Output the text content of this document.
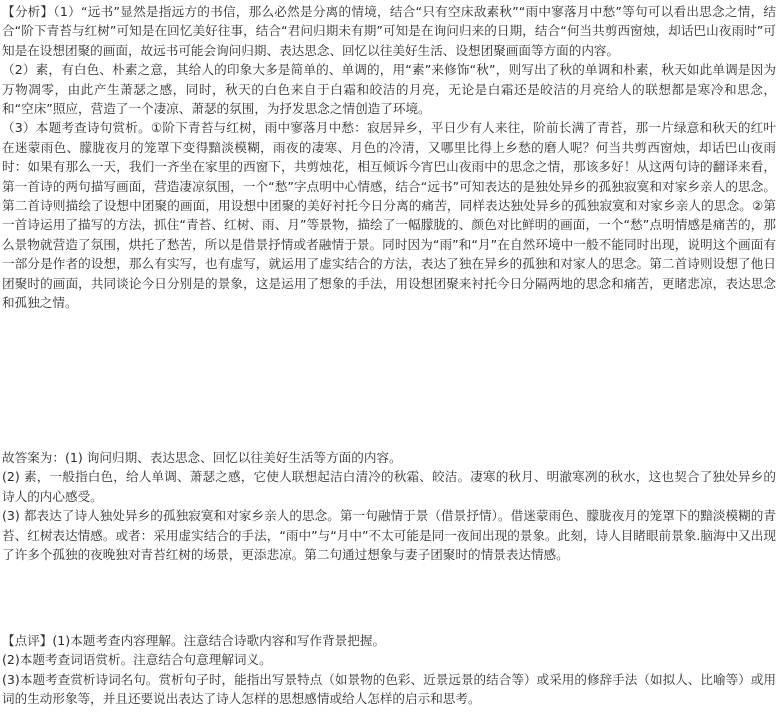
【分析】（1）“远书”显然是指远方的书信，那么必然是分离的情境，结合“只有空床敌素秋”“雨中寥落月中愁”等句可以看出思念之情，结合“阶下青苔与红树”可知是在回忆美好往事，结合“君问归期未有期”可知是在询问归来的日期，结合“何当共剪西窗烛，却话巴山夜雨时”可知是在设想团聚的画面，故远书可能会询问归期、表达思念、回忆以往美好生活、设想团聚画面等方面的内容。

（2）素，有白色、朴素之意，其给人的印象大多是简单的、单调的，用“素”来修饰“秋”，则写出了秋的单调和朴素，秋天如此单调是因为万物凋零，由此产生萧瑟之感，同时，秋天的白色来自于白霜和皎洁的月亮，无论是白霜还是皎洁的月亮给人的联想都是寒冷和思念，和“空床”照应，营造了一个凄凉、萧瑟的氛围，为抒发思念之情创造了环境。

（3）本题考查诗句赏析。①阶下青苔与红树，雨中寥落月中愁：寂居异乡，平日少有人来往，阶前长满了青苔，那一片绿意和秋天的红叶在迷蒙雨色、朦胧夜月的笼罩下变得黯淡模糊，雨夜的凄寒、月色的冷清，又哪里比得上乡愁的磨人呢？何当共剪西窗烛，却话巴山夜雨时：如果有那么一天，我们一齐坐在家里的西窗下，共剪烛花，相互倾诉今宵巴山夜雨中的思念之情，那该多好！从这两句诗的翻译来看，第一首诗的两句描写画面，营造凄凉氛围，一个“愁”字点明中心情感，结合“远书”可知表达的是独处异乡的孤独寂寞和对家乡亲人的思念。第二首诗则描绘了设想中团聚的画面，用设想中团聚的美好衬托今日分离的痛苦，同样表达独处异乡的孤独寂寞和对家乡亲人的思念。②第一首诗运用了描写的方法，抓住“青苔、红树、雨、月”等景物，描绘了一幅朦胧的、颜色对比鲜明的画面，一个“愁”点明情感是痛苦的，那么景物就营造了氛围，烘托了愁苦，所以是借景抒情或者融情于景。同时因为“雨”和“月”在自然环境中一般不能同时出现，说明这个画面有一部分是作者的设想，那么有实写，也有虚写，就运用了虚实结合的方法，表达了独在异乡的孤独和对家人的思念。第二首诗则设想了他日团聚时的画面，共同谈论今日分别是的景象，这是运用了想象的手法，用设想团聚来衬托今日分隔两地的思念和痛苦，更睹悲凉，表达思念和孤独之情。

故答案为：(1) 询问归期、表达思念、回忆以往美好生活等方面的内容。

(2) 素，一般指白色，给人单调、萧瑟之感，它使人联想起洁白清冷的秋霜、皎洁。凄寒的秋月、明澈寒冽的秋水，这也契合了独处异乡的诗人的内心感受。

(3) 都表达了诗人独处异乡的孤独寂寞和对家乡亲人的思念。第一句融情于景（借景抒情）。借迷蒙雨色、朦胧夜月的笼罩下的黯淡模糊的青苔、红树表达情感。或者：采用虚实结合的手法，“雨中”与“月中”不太可能是同一夜间出现的景象。此刻，诗人目睹眼前景象.脑海中又出现了许多个孤独的夜晚独对青苔红树的场景，更添悲凉。第二句通过想象与妻子团聚时的情景表达情感。

【点评】(1)本题考查内容理解。注意结合诗歌内容和写作背景把握。

(2)本题考查词语赏析。注意结合句意理解词义。

(3)本题考查赏析诗词名句。赏析句子时，能指出写景特点（如景物的色彩、近景远景的结合等）或采用的修辞手法（如拟人、比喻等）或用词的生动形象等，并且还要说出表达了诗人怎样的思想感情或给人怎样的启示和思考。
